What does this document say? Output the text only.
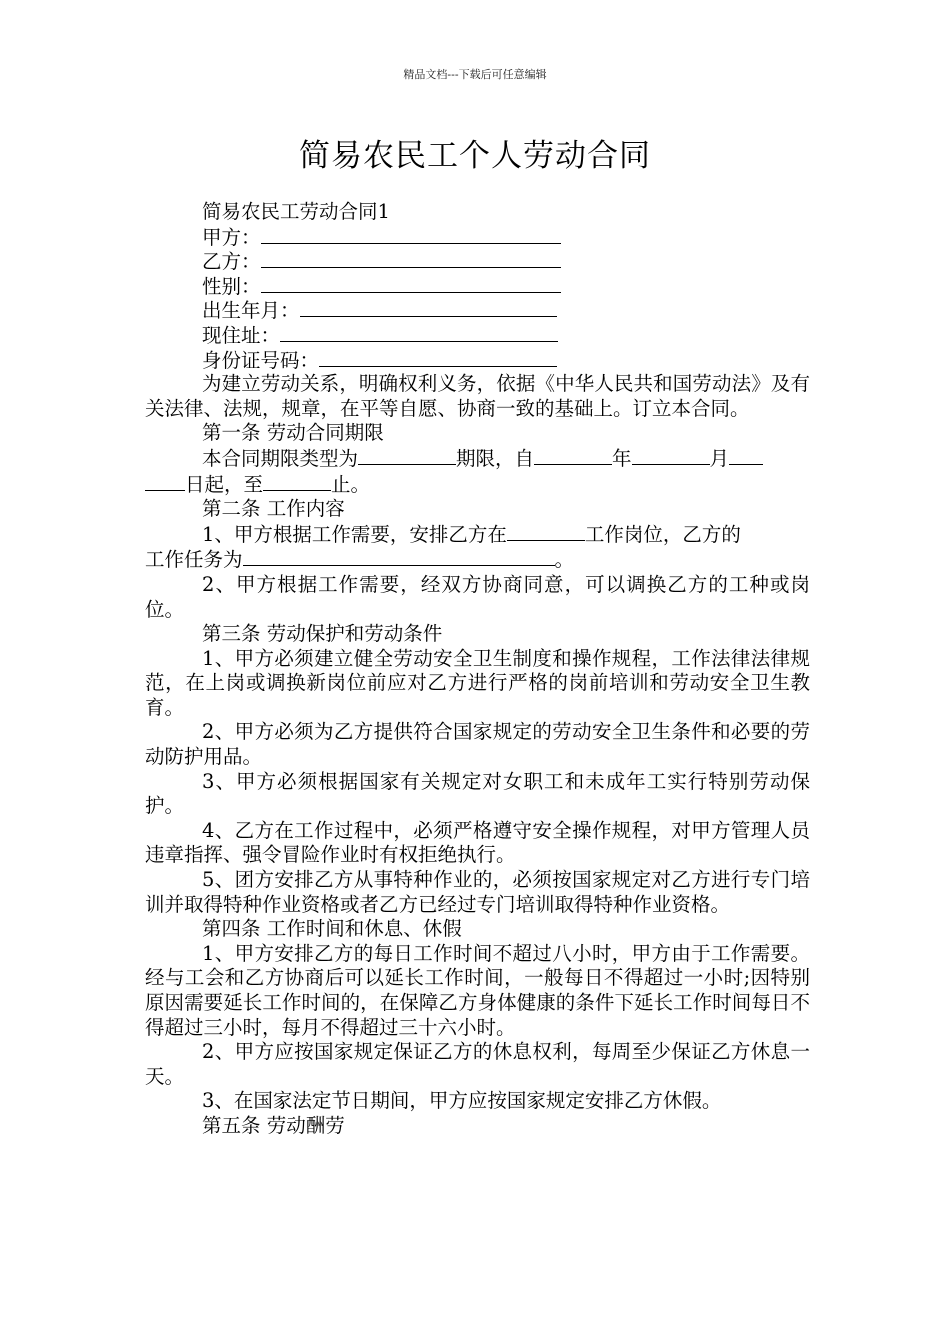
精品文档---下载后可任意编辑
简易农民工个人劳动合同
简易农民工劳动合同1
甲方：
乙方：
性别：
出生年月：
现住址：
身份证号码：
为建立劳动关系，明确权利义务，依据《中华人民共和国劳动法》及有关法律、法规，规章，在平等自愿、协商一致的基础上。订立本合同。
第一条 劳动合同期限
本合同期限类型为	期限，自	年	月
日起，至	止。
第二条 工作内容
1、甲方根据工作需要，安排乙方在	工作岗位，乙方的
工作任务为	。
2、甲方根据工作需要，经双方协商同意，可以调换乙方的工种或岗位。
第三条 劳动保护和劳动条件
1、甲方必须建立健全劳动安全卫生制度和操作规程，工作法律法律规范，在上岗或调换新岗位前应对乙方进行严格的岗前培训和劳动安全卫生教育。
2、甲方必须为乙方提供符合国家规定的劳动安全卫生条件和必要的劳动防护用品。
3、甲方必须根据国家有关规定对女职工和未成年工实行特别劳动保护。
4、乙方在工作过程中，必须严格遵守安全操作规程，对甲方管理人员违章指挥、强令冒险作业时有权拒绝执行。
5、团方安排乙方从事特种作业的，必须按国家规定对乙方进行专门培训并取得特种作业资格或者乙方已经过专门培训取得特种作业资格。
第四条 工作时间和休息、休假
1、甲方安排乙方的每日工作时间不超过八小时，甲方由于工作需要。经与工会和乙方协商后可以延长工作时间，一般每日不得超过一小时;因特别原因需要延长工作时间的，在保障乙方身体健康的条件下延长工作时间每日不得超过三小时，每月不得超过三十六小时。
2、甲方应按国家规定保证乙方的休息权利，每周至少保证乙方休息一天。
3、在国家法定节日期间，甲方应按国家规定安排乙方休假。
第五条 劳动酬劳
